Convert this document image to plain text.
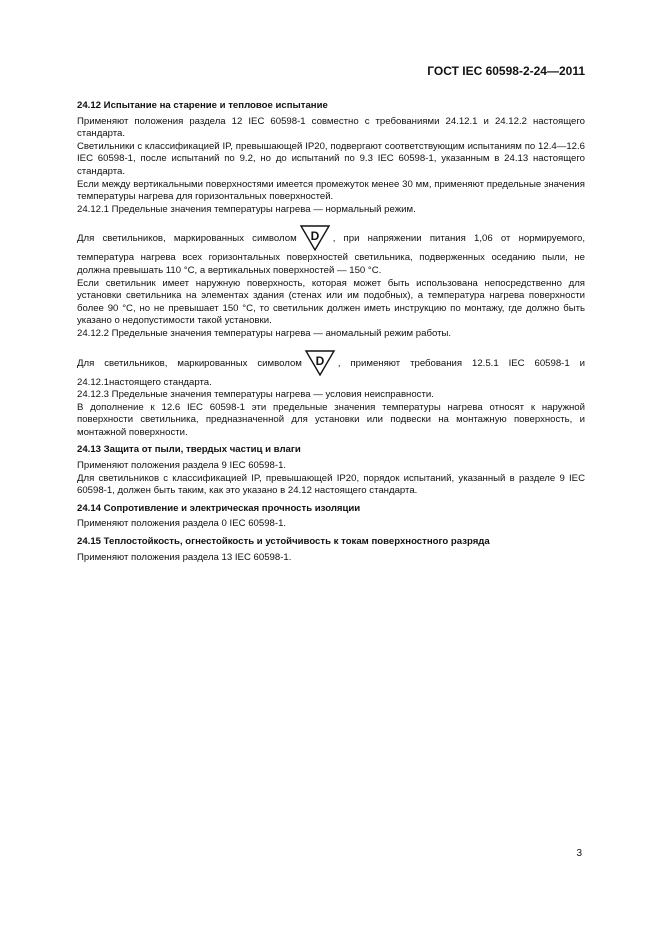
ГОСТ IEC 60598-2-24—2011

24.12 Испытание на старение и тепловое испытание

Применяют положения раздела 12 IEC 60598-1 совместно с требованиями 24.12.1 и 24.12.2 настоящего стандарта.

Светильники с классификацией IP, превышающей IP20, подвергают соответствующим испытаниям по 12.4—12.6 IEC 60598-1, после испытаний по 9.2, но до испытаний по 9.3 IEC 60598-1, указанным в 24.13 настоящего стандарта.

Если между вертикальными поверхностями имеется промежуток менее 30 мм, применяют предельные значения температуры нагрева для горизонтальных поверхностей.

24.12.1 Предельные значения температуры нагрева — нормальный режим.

Для светильников, маркированных символом D , при напряжении питания 1,06 от нормируемого, температура нагрева всех горизонтальных поверхностей светильника, подверженных оседанию пыли, не должна превышать 110 °C, а вертикальных поверхностей — 150 °C.

Если светильник имеет наружную поверхность, которая может быть использована непосредственно для установки светильника на элементах здания (стенах или им подобных), а температура нагрева поверхности более 90 °C, но не превышает 150 °C, то светильник должен иметь инструкцию по монтажу, где должно быть указано о недопустимости такой установки.

24.12.2 Предельные значения температуры нагрева — аномальный режим работы.

Для светильников, маркированных символом D , применяют требования 12.5.1 IEC 60598-1 и 24.12.1настоящего стандарта.

24.12.3 Предельные значения температуры нагрева — условия неисправности.

В дополнение к 12.6 IEC 60598-1 эти предельные значения температуры нагрева относят к наружной поверхности светильника, предназначенной для установки или подвески на монтажную поверхность, и монтажной поверхности.

24.13 Защита от пыли, твердых частиц и влаги

Применяют положения раздела 9 IEC 60598-1.

Для светильников с классификацией IP, превышающей IP20, порядок испытаний, указанный в разделе 9 IEC 60598-1, должен быть таким, как это указано в 24.12 настоящего стандарта.

24.14 Сопротивление и электрическая прочность изоляции

Применяют положения раздела 0 IEC 60598-1.

24.15 Теплостойкость, огнестойкость и устойчивость к токам поверхностного разряда

Применяют положения раздела 13 IEC 60598-1.

3
